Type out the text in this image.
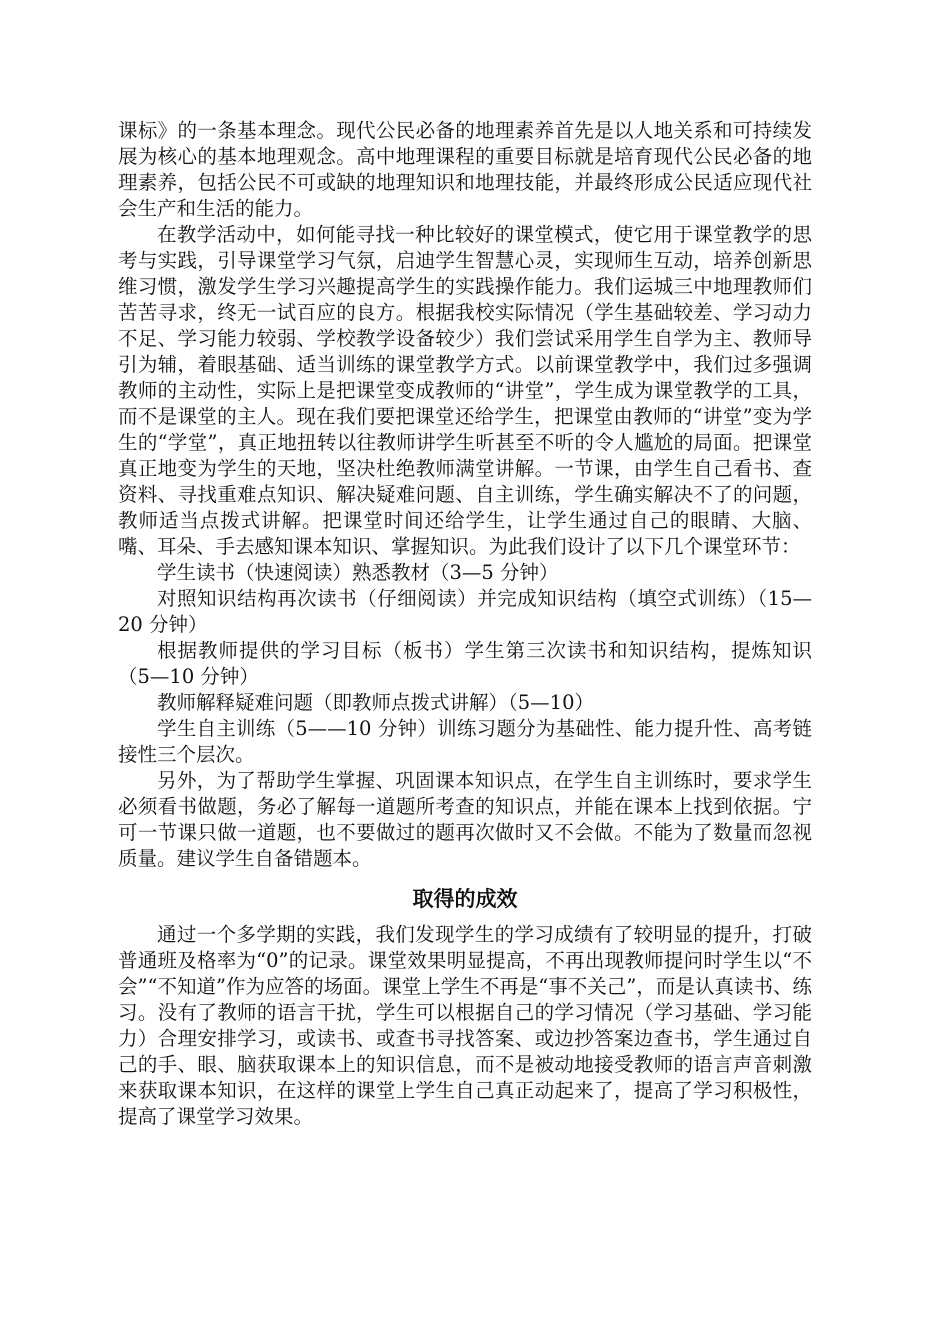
课标》的一条基本理念。现代公民必备的地理素养首先是以人地关系和可持续发展为核心的基本地理观念。高中地理课程的重要目标就是培育现代公民必备的地理素养，包括公民不可或缺的地理知识和地理技能，并最终形成公民适应现代社会生产和生活的能力。

在教学活动中，如何能寻找一种比较好的课堂模式，使它用于课堂教学的思考与实践，引导课堂学习气氛，启迪学生智慧心灵，实现师生互动，培养创新思维习惯，激发学生学习兴趣提高学生的实践操作能力。我们运城三中地理教师们苦苦寻求，终无一试百应的良方。根据我校实际情况（学生基础较差、学习动力不足、学习能力较弱、学校教学设备较少）我们尝试采用学生自学为主、教师导引为辅，着眼基础、适当训练的课堂教学方式。以前课堂教学中，我们过多强调教师的主动性，实际上是把课堂变成教师的“讲堂”，学生成为课堂教学的工具，而不是课堂的主人。现在我们要把课堂还给学生，把课堂由教师的“讲堂”变为学生的“学堂”，真正地扭转以往教师讲学生听甚至不听的令人尴尬的局面。把课堂真正地变为学生的天地，坚决杜绝教师满堂讲解。一节课，由学生自己看书、查资料、寻找重难点知识、解决疑难问题、自主训练，学生确实解决不了的问题，教师适当点拨式讲解。把课堂时间还给学生，让学生通过自己的眼睛、大脑、嘴、耳朵、手去感知课本知识、掌握知识。为此我们设计了以下几个课堂环节：

学生读书（快速阅读）熟悉教材（3—5 分钟）

对照知识结构再次读书（仔细阅读）并完成知识结构（填空式训练）（15—20 分钟）

根据教师提供的学习目标（板书）学生第三次读书和知识结构，提炼知识（5—10 分钟）

教师解释疑难问题（即教师点拨式讲解）（5—10）

学生自主训练（5——10 分钟）训练习题分为基础性、能力提升性、高考链接性三个层次。

另外，为了帮助学生掌握、巩固课本知识点，在学生自主训练时，要求学生必须看书做题，务必了解每一道题所考查的知识点，并能在课本上找到依据。宁可一节课只做一道题，也不要做过的题再次做时又不会做。不能为了数量而忽视质量。建议学生自备错题本。

取得的成效

通过一个多学期的实践，我们发现学生的学习成绩有了较明显的提升，打破普通班及格率为“0”的记录。课堂效果明显提高，不再出现教师提问时学生以“不会”“不知道”作为应答的场面。课堂上学生不再是“事不关己”，而是认真读书、练习。没有了教师的语言干扰，学生可以根据自己的学习情况（学习基础、学习能力）合理安排学习，或读书、或查书寻找答案、或边抄答案边查书，学生通过自己的手、眼、脑获取课本上的知识信息，而不是被动地接受教师的语言声音刺激来获取课本知识，在这样的课堂上学生自己真正动起来了，提高了学习积极性，提高了课堂学习效果。
